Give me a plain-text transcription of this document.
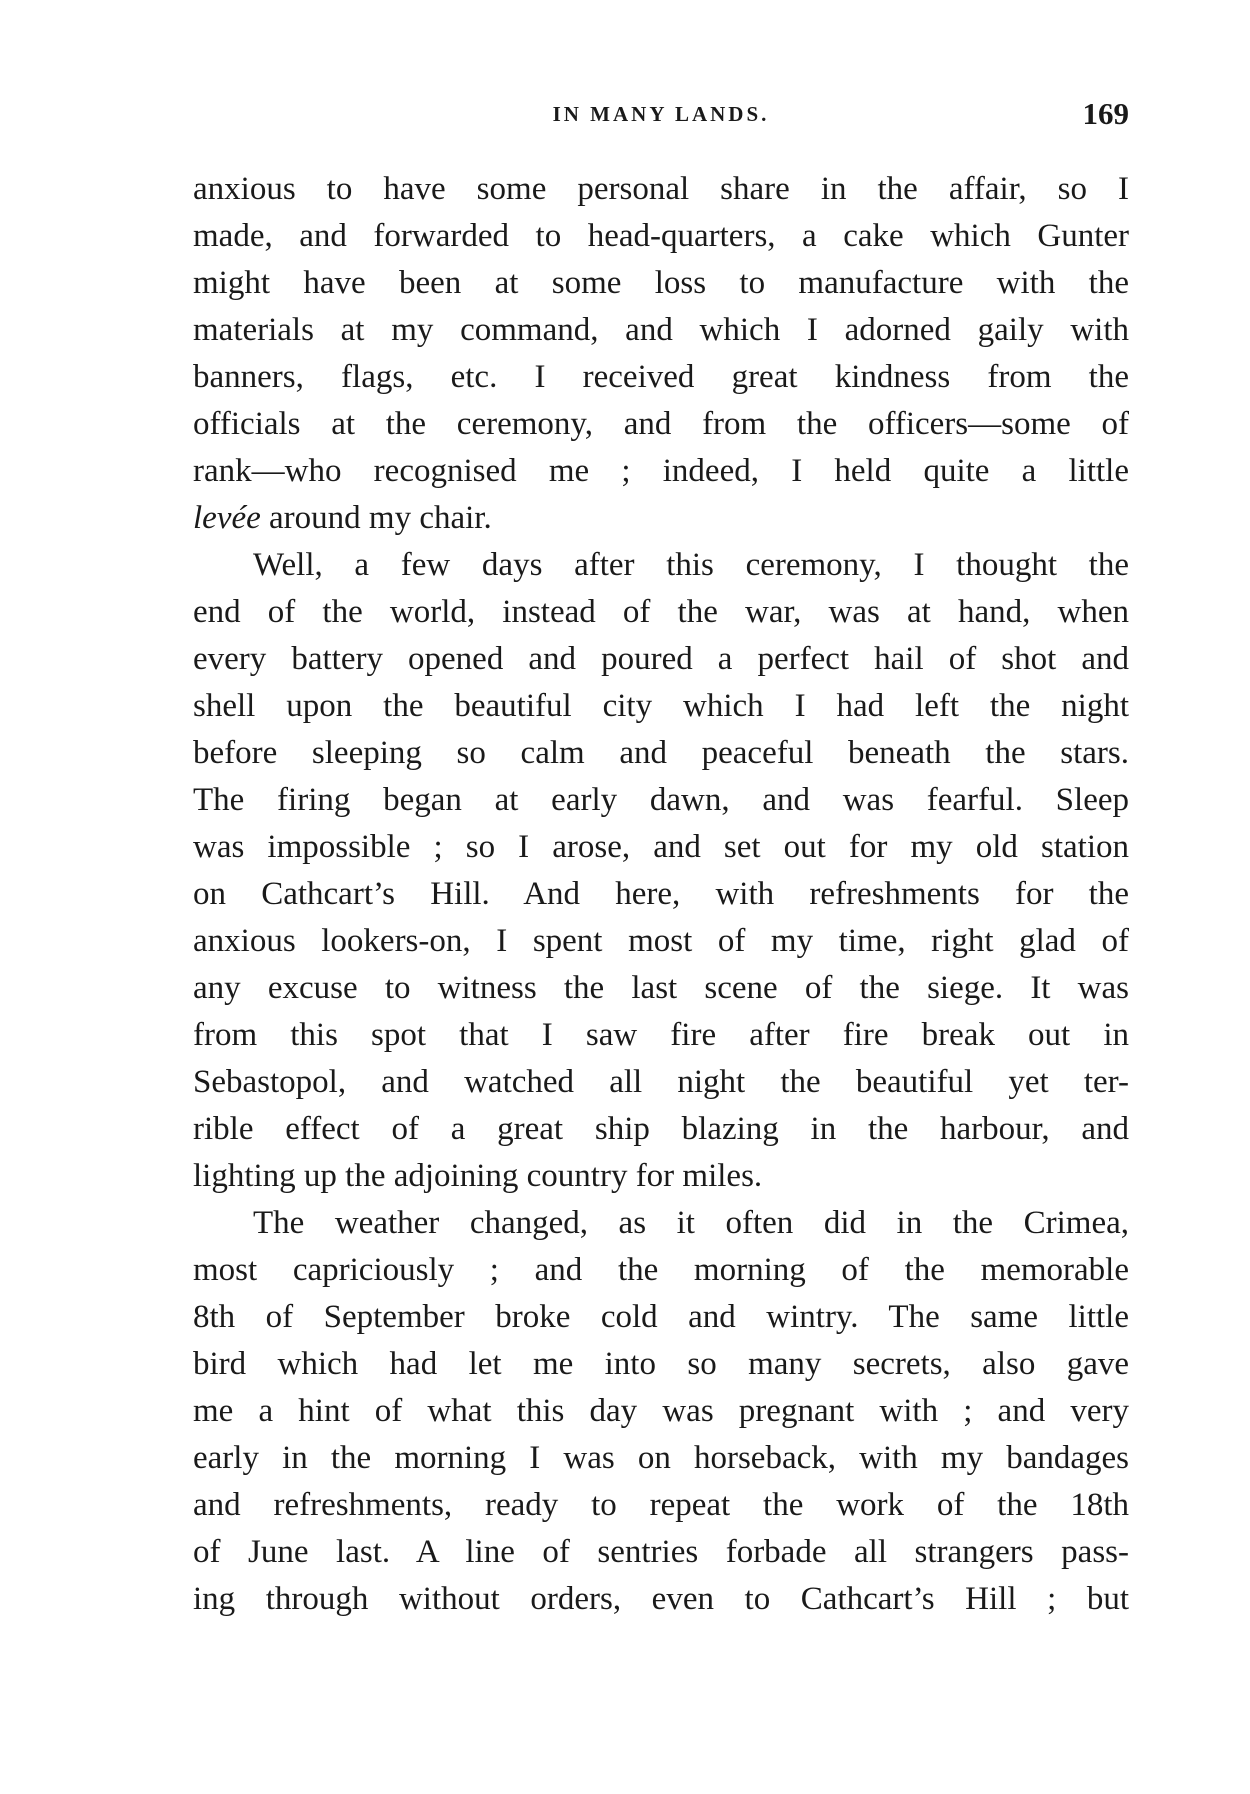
IN MANY LANDS.	169
anxious to have some personal share in the affair, so I
made, and forwarded to head-quarters, a cake which Gunter
might have been at some loss to manufacture with the
materials at my command, and which I adorned gaily with
banners, flags, etc. I received great kindness from the
officials at the ceremony, and from the officers—some of
rank—who recognised me ; indeed, I held quite a little
levée around my chair.
Well, a few days after this ceremony, I thought the
end of the world, instead of the war, was at hand, when
every battery opened and poured a perfect hail of shot and
shell upon the beautiful city which I had left the night
before sleeping so calm and peaceful beneath the stars.
The firing began at early dawn, and was fearful. Sleep
was impossible ; so I arose, and set out for my old station
on Cathcart’s Hill. And here, with refreshments for the
anxious lookers-on, I spent most of my time, right glad of
any excuse to witness the last scene of the siege. It was
from this spot that I saw fire after fire break out in
Sebastopol, and watched all night the beautiful yet ter-
rible effect of a great ship blazing in the harbour, and
lighting up the adjoining country for miles.
The weather changed, as it often did in the Crimea,
most capriciously ; and the morning of the memorable
8th of September broke cold and wintry. The same little
bird which had let me into so many secrets, also gave
me a hint of what this day was pregnant with ; and very
early in the morning I was on horseback, with my bandages
and refreshments, ready to repeat the work of the 18th
of June last. A line of sentries forbade all strangers pass-
ing through without orders, even to Cathcart’s Hill ; but
